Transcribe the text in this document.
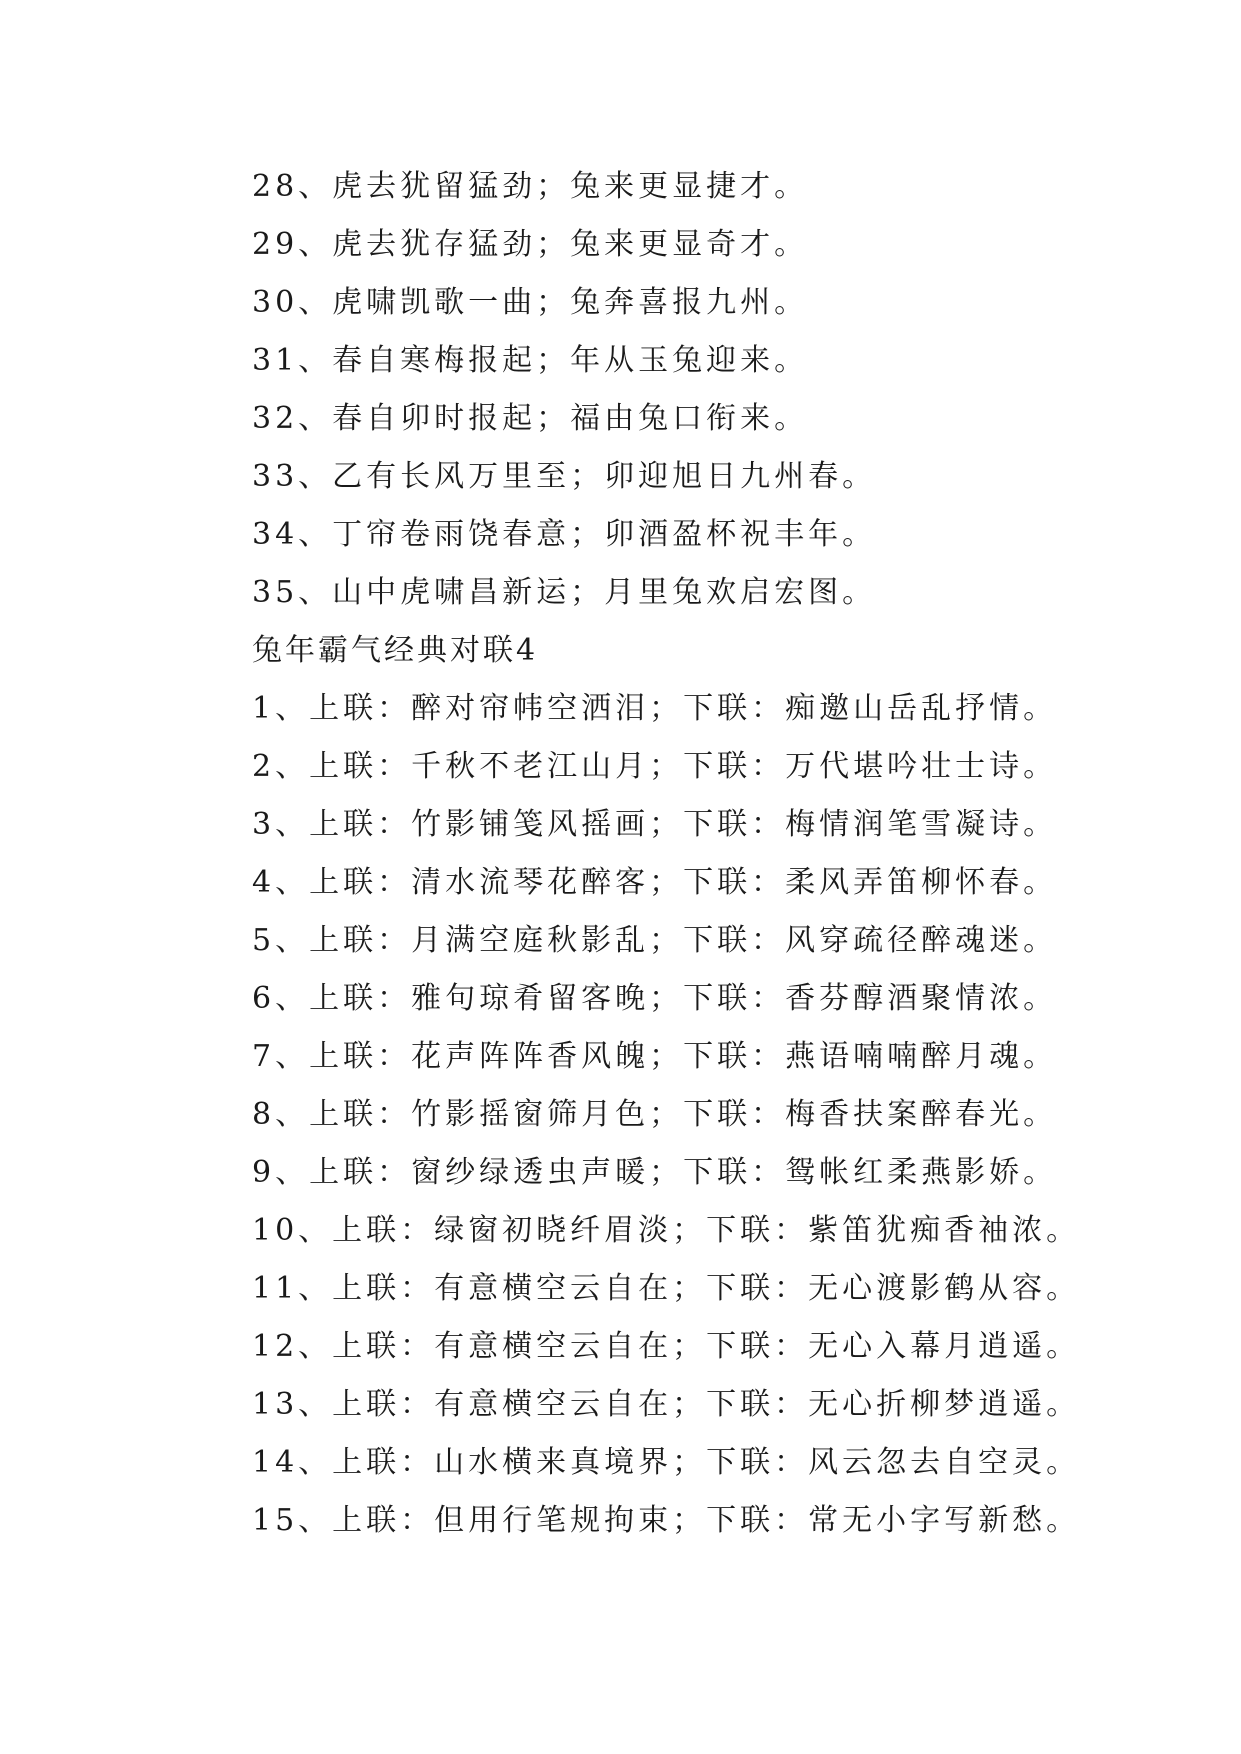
28、虎去犹留猛劲；兔来更显捷才。
29、虎去犹存猛劲；兔来更显奇才。
30、虎啸凯歌一曲；兔奔喜报九州。
31、春自寒梅报起；年从玉兔迎来。
32、春自卯时报起；福由兔口衔来。
33、乙有长风万里至；卯迎旭日九州春。
34、丁帘卷雨饶春意；卯酒盈杯祝丰年。
35、山中虎啸昌新运；月里兔欢启宏图。
兔年霸气经典对联4
1、上联：醉对帘帏空洒泪；下联：痴邀山岳乱抒情。
2、上联：千秋不老江山月；下联：万代堪吟壮士诗。
3、上联：竹影铺笺风摇画；下联：梅情润笔雪凝诗。
4、上联：清水流琴花醉客；下联：柔风弄笛柳怀春。
5、上联：月满空庭秋影乱；下联：风穿疏径醉魂迷。
6、上联：雅句琼肴留客晚；下联：香芬醇酒聚情浓。
7、上联：花声阵阵香风魄；下联：燕语喃喃醉月魂。
8、上联：竹影摇窗筛月色；下联：梅香扶案醉春光。
9、上联：窗纱绿透虫声暖；下联：鸳帐红柔燕影娇。
10、上联：绿窗初晓纤眉淡；下联：紫笛犹痴香袖浓。
11、上联：有意横空云自在；下联：无心渡影鹤从容。
12、上联：有意横空云自在；下联：无心入幕月逍遥。
13、上联：有意横空云自在；下联：无心折柳梦逍遥。
14、上联：山水横来真境界；下联：风云忽去自空灵。
15、上联：但用行笔规拘束；下联：常无小字写新愁。
